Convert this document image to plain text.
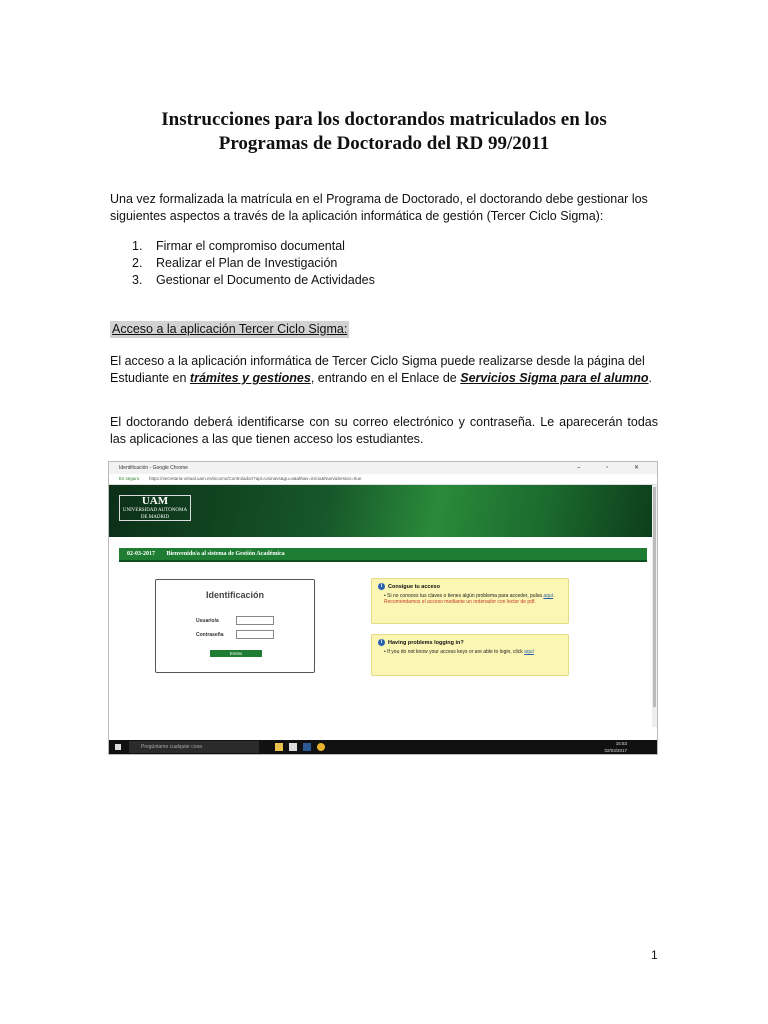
Instrucciones para los doctorandos matriculados en los
Programas de Doctorado del RD 99/2011
Una vez formalizada la matrícula en el Programa de Doctorado, el doctorando debe gestionar los siguientes aspectos a través de la aplicación informática de gestión (Tercer Ciclo Sigma):
1. Firmar el compromiso documental
2. Realizar el Plan de Investigación
3. Gestionar el Documento de Actividades
Acceso a la aplicación Tercer Ciclo Sigma:
El acceso a la aplicación informática de Tercer Ciclo Sigma puede realizarse desde la página del Estudiante en trámites y gestiones, entrando en el Enlace de Servicios Sigma para el alumno.
El doctorando deberá identificarse con su correo electrónico y contraseña. Le aparecerán todas las aplicaciones a las que tienen acceso los estudiantes.
Identificación - Google Chrome	– ▫ ✕
Es seguro https://secretaria-virtual.uam.es/sicomo/Controlador/?apl=Uninavs&gu=a&idNav=inicio&NuevaSesion=true
UAM
UNIVERSIDAD AUTONOMA
DE MADRID
02-03-2017 Bienvenido/a al sistema de Gestión Académica
Identificación
Usuario/a
Contraseña
Entrar
i	Consigue tu acceso
• Si no conoces tus claves o tienes algún problema para acceder, pulsa aquí. Recomendamos el acceso mediante un ordenador con lector de pdf.
i	Having problems logging in?
• If you do not know your access keys or are able to login, click aquí
Pregúntame cualquier cosa
15:53
02/03/2017
1
